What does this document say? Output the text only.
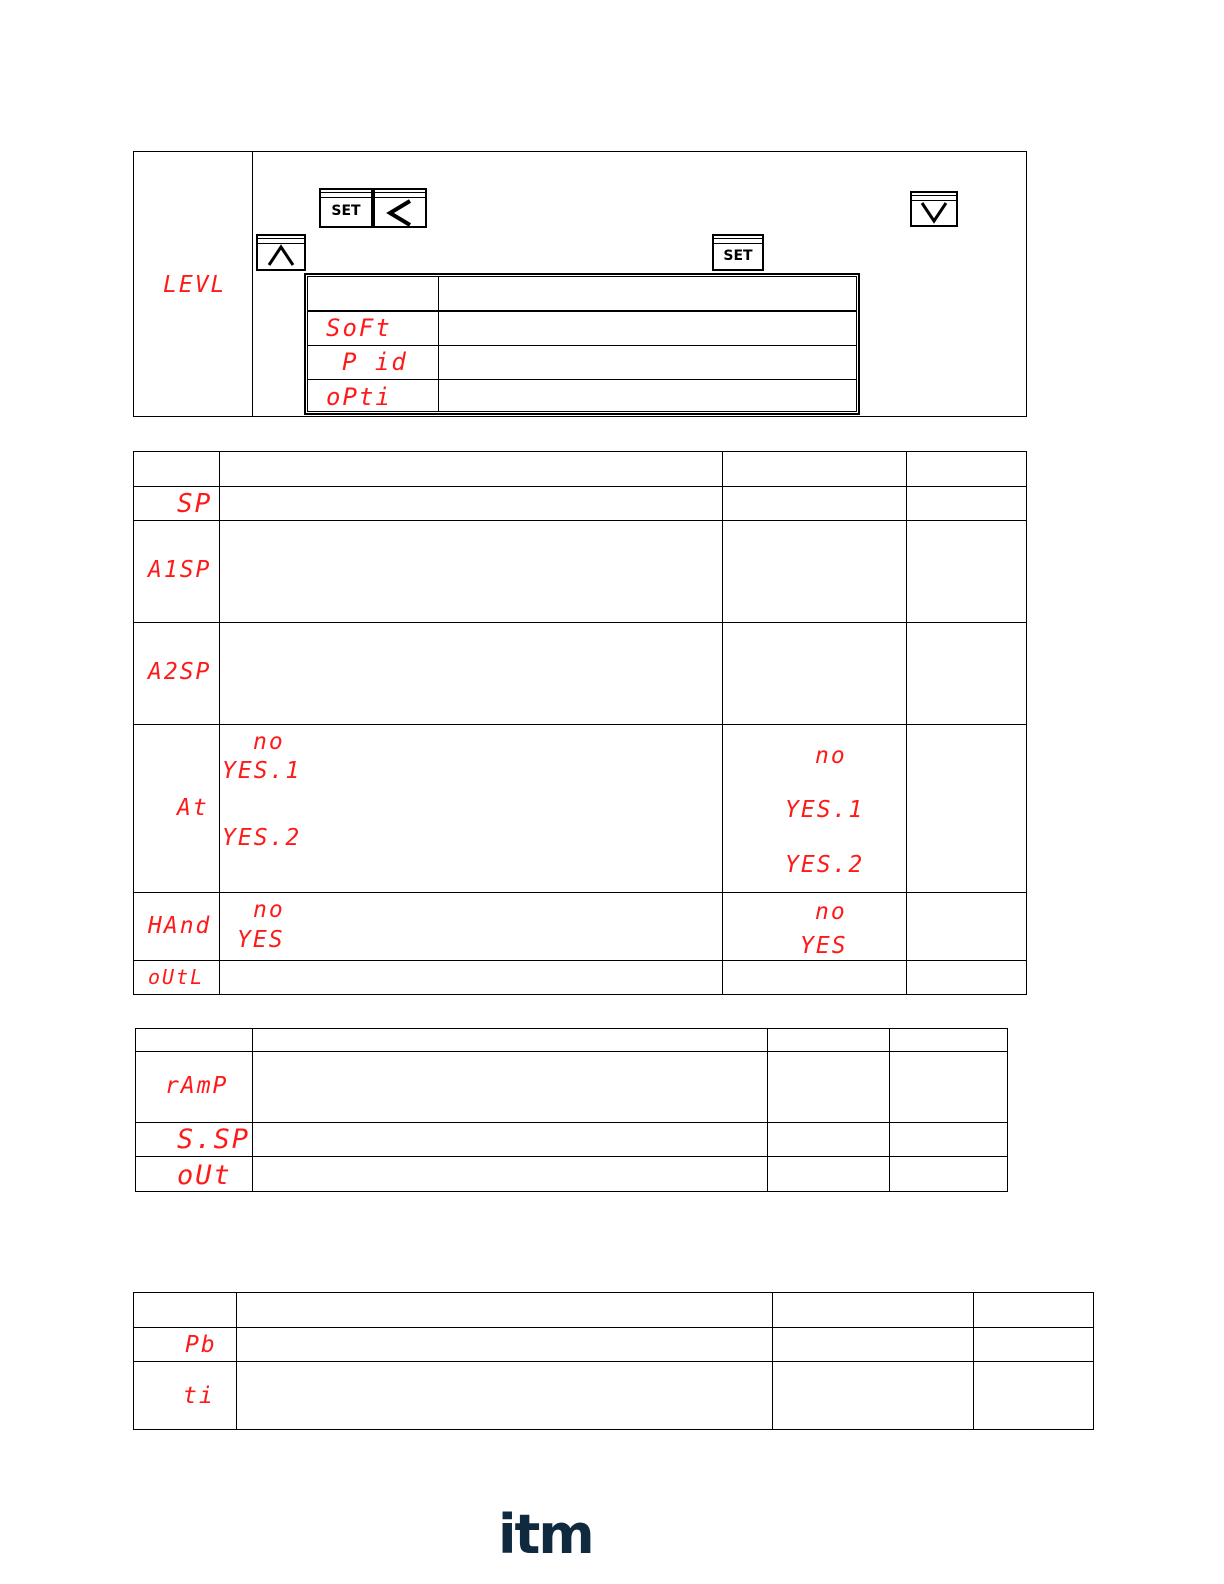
LEVL
SET
SET
SoFt
P id
oPti
SP
A1SP
A2SP
At
HAnd
oUtL
no
YES.1
YES.2
no
YES.1
YES.2
no
YES
no
YES
rAmP
S.SP
oUt
Pb
ti
itm
